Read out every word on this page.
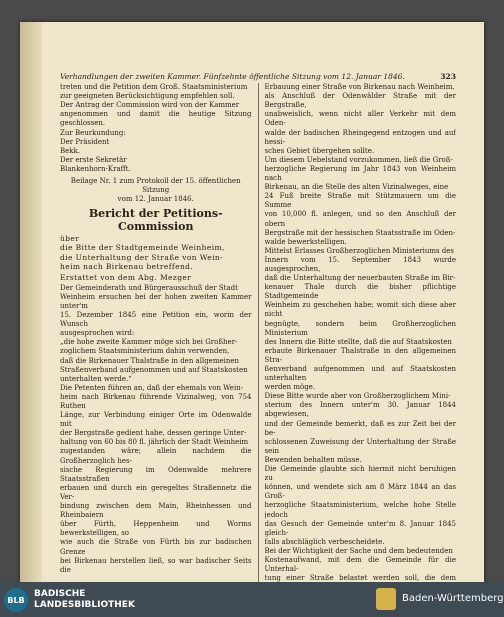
Verhandlungen der zweiten Kammer. Fünfzehnte öffentliche Sitzung vom 12. Januar 1846.	323

treten und die Petition dem Groß. Staatsministerium
zur geeigneten Berücksichtigung empfehlen soll.
Der Antrag der Commission wird von der Kammer
angenommen und damit die heutige Sitzung geschlossen.
Zur Beurkundung:
Der Präsident
Bekk.
Der erste Sekretär
Blankenhorn-Krafft.

Beilage Nr. 1 zum Protokoll der 15. öffentlichen Sitzung
vom 12. Januar 1846.

Bericht der Petitions-Commission

über
die Bitte der Stadtgemeinde Weinheim,
die Unterhaltung der Straße von Wein-
heim nach Birkenau betreffend.

Erstattet von dem Abg. Mezger

Der Gemeinderath und Bürgerausschuß der Stadt
Weinheim ersuchen bei der hohen zweiten Kammer unter'm
15. Dezember 1845 eine Petition ein, worin der Wunsch
ausgesprochen wird:
„die hohe zweite Kammer möge sich bei Großher-
zoglichem Staatsministerium dahin verwenden,
daß die Birkenauer Thalstraße in den allgemeinen
Straßenverband aufgenommen und auf Staatskosten
unterhalten werde.“
Die Petenten führen an, daß der ehemals von Wein-
heim nach Birkenau führende Vizinalweg, von 754 Ruthen
Länge, zur Verbindung einiger Orte im Odenwalde mit
der Bergstraße gedient habe, dessen geringe Unter-
haltung von 60 bis 80 fl. jährlich der Stadt Weinheim
zugestanden wäre; allein nachdem die Großherzoglich hes-
sische Regierung im Odenwalde mehrere Staatsstraßen
erbauen und durch ein geregeltes Straßennetz die Ver-
bindung zwischen dem Main, Rheinhessen und Rheinbaiern
über Fürth, Heppenheim und Worms bewerkstelligen, so
wie auch die Straße von Fürth bis zur badischen Grenze
bei Birkenau herstellen ließ, so war badischer Seits die

Erbauung einer Straße von Birkenau nach Weinheim,
als Anschluß der Odenwälder Straße mit der Bergstraße,
unabweislich, wenn nicht aller Verkehr mit dem Oden-
walde der badischen Rheingegend entzogen und auf hessi-
sches Gebiet übergehen sollte.
Um diesem Uebelstand vorzukommen, ließ die Groß-
herzogliche Regierung im Jahr 1843 von Weinheim nach
Birkenau, an die Stelle des alten Vizinalweges, eine
24 Fuß breite Straße mit Stützmauern um die Summe
von 10,000 fl. anlegen, und so den Anschluß der obern
Bergstraße mit der hessischen Staatsstraße im Oden-
walde bewerkstelligen.
Mittelst Erlasses Großherzoglichen Ministeriums des
Innern vom 15. September 1843 wurde ausgesprochen,
daß die Unterhaltung der neuerbauten Straße im Bir-
kenauer Thale durch die bisher pflichtige Stadtgemeinde
Weinheim zu geschehen habe; womit sich diese aber nicht
begnügte, sondern beim Großherzoglichen Ministerium
des Innern die Bitte stellte, daß die auf Staatskosten
erbaute Birkenauer Thalstraße in den allgemeinen Stra-
ßenverband aufgenommen und auf Staatskosten unterhalten
werden möge.
Diese Bitte wurde aber von Großherzoglichem Mini-
sterium des Innern unter'm 30. Januar 1844 abgewiesen,
und der Gemeinde bemerkt, daß es zur Zeit bei der be-
schlossenen Zuweisung der Unterhaltung der Straße sein
Bewenden behalten müsse.
Die Gemeinde glaubte sich hiermit nicht beruhigen zu
können, und wendete sich am 8 März 1844 an das Groß-
herzogliche Staatsministerium, welche hohe Stelle jedoch
das Gesuch der Gemeinde unter'm 8. Januar 1845 gleich-
falls abschläglich verbescheidete.
Bei der Wichtigkeit der Sache und dem bedeutenden
Kostenaufwand, mit dem die Gemeinde für die Unterhal-
tung einer Straße belastet werden soll, die dem

BLB
BADISCHE
LANDESBIBLIOTHEK
Baden-Württemberg
